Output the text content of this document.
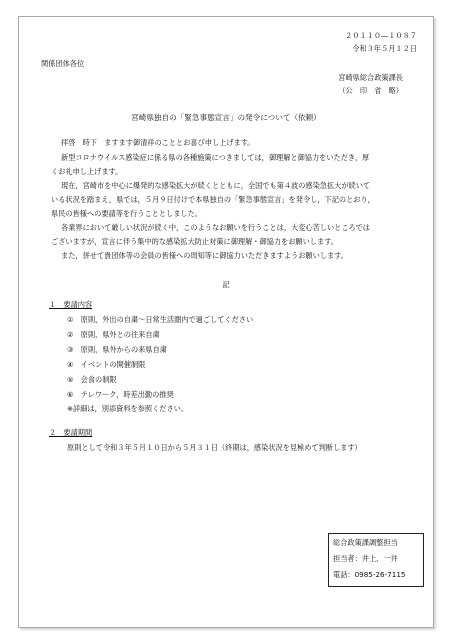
２０１１０―１０８７
令和３年５月１２日
関係団体各位
宮崎県総合政策課長
（公　印　省　略）
宮崎県独自の「緊急事態宣言」の発令について（依頼）
拝啓　時下　ますます御清祥のこととお喜び申し上げます。
新型コロナウイルス感染症に係る県の各種施策につきましては，御理解と御協力をいただき，厚
くお礼申し上げます。
現在，宮崎市を中心に爆発的な感染拡大が続くとともに，全国でも第４波の感染急拡大が続いて
いる状況を踏まえ，県では，５月９日付けで本県独自の「緊急事態宣言」を発令し，下記のとおり，
県民の皆様への要請等を行うこととしました。
各業界において厳しい状況が続く中，このようなお願いを行うことは，大変心苦しいところでは
ございますが，宣言に伴う集中的な感染拡大防止対策に御理解・御協力をお願いします。
また，併せて貴団体等の会員の皆様への周知等に御協力いただきますようお願いします。
記
１　要請内容
①　原則，外出の自粛～日常生活圏内で過ごしてください
②　原則，県外との往来自粛
③　原則，県外からの来県自粛
④　イベントの開催制限
⑤　会食の制限
⑥　テレワーク，時差出勤の推奨
※詳細は，別添資料を参照ください。
２　要請期間
原則として令和３年５月１０日から５月３１日（終期は，感染状況を見極めて判断します）
総合政策課調整担当
担当者：井上、一井
電話：0985-26-7115
